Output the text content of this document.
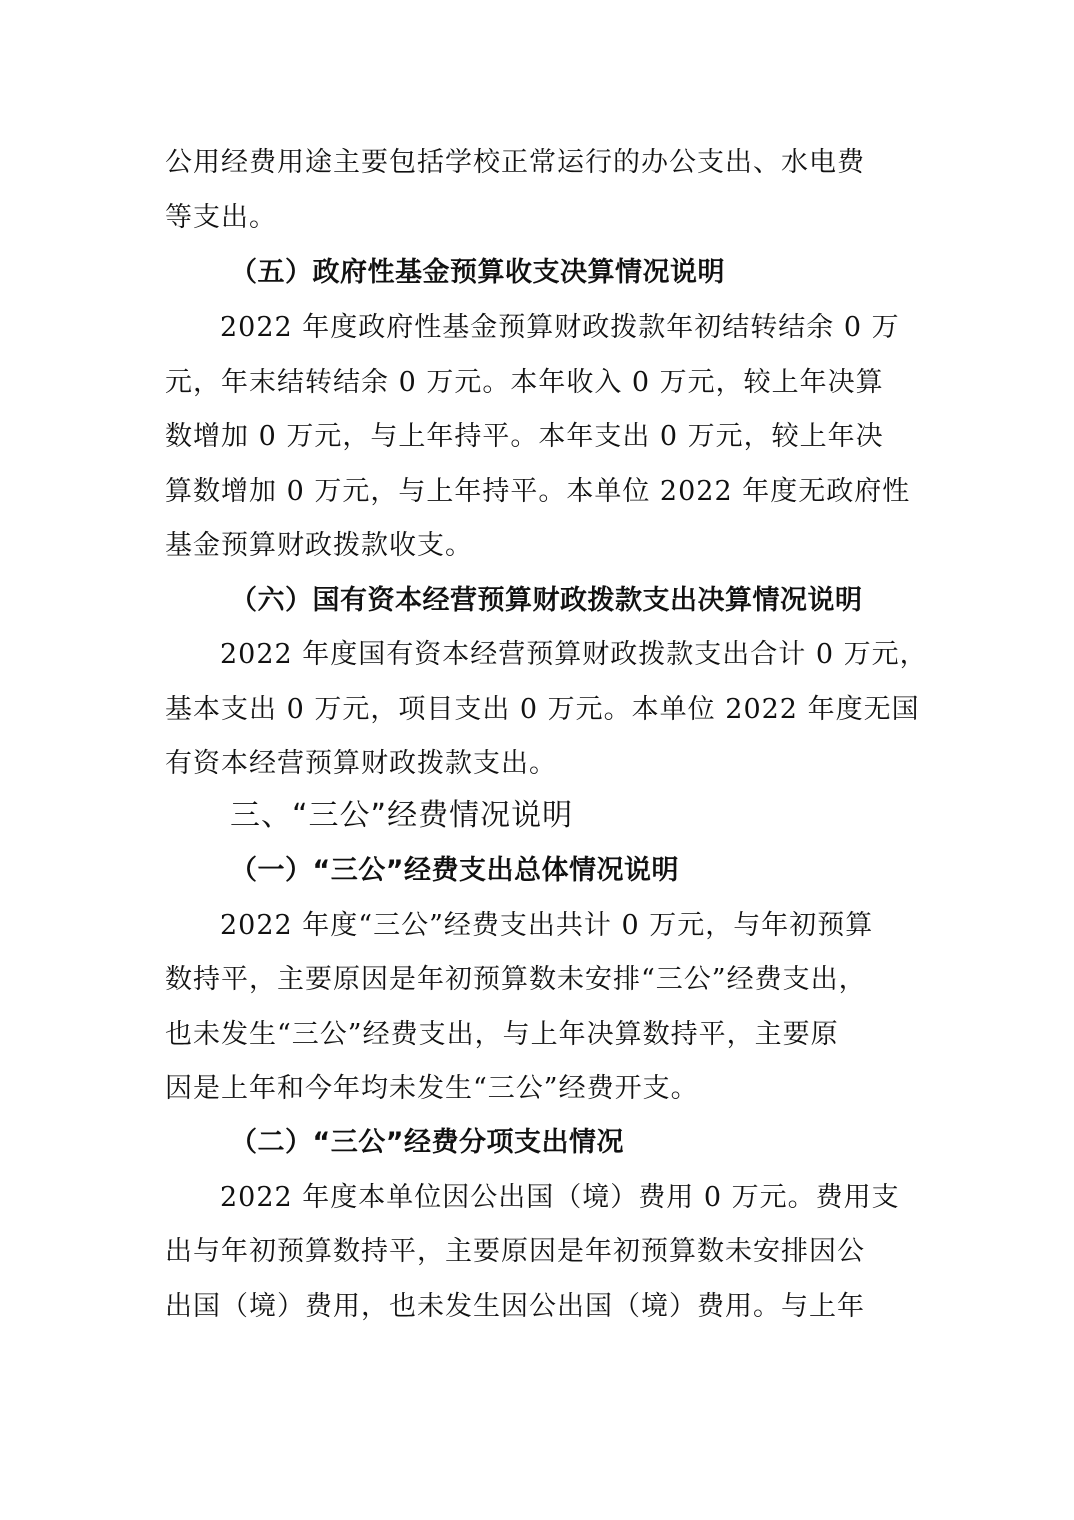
公用经费用途主要包括学校正常运行的办公支出、水电费
等支出。
（五）政府性基金预算收支决算情况说明
2022 年度政府性基金预算财政拨款年初结转结余 0 万
元，年末结转结余 0 万元。本年收入 0 万元，较上年决算
数增加 0 万元，与上年持平。本年支出 0 万元，较上年决
算数增加 0 万元，与上年持平。本单位 2022 年度无政府性
基金预算财政拨款收支。
（六）国有资本经营预算财政拨款支出决算情况说明
2022 年度国有资本经营预算财政拨款支出合计 0 万元，
基本支出 0 万元，项目支出 0 万元。本单位 2022 年度无国
有资本经营预算财政拨款支出。
三、“三公”经费情况说明
（一）“三公”经费支出总体情况说明
2022 年度“三公”经费支出共计 0 万元，与年初预算
数持平，主要原因是年初预算数未安排“三公”经费支出，
也未发生“三公”经费支出，与上年决算数持平，主要原
因是上年和今年均未发生“三公”经费开支。
（二）“三公”经费分项支出情况
2022 年度本单位因公出国（境）费用 0 万元。费用支
出与年初预算数持平，主要原因是年初预算数未安排因公
出国（境）费用，也未发生因公出国（境）费用。与上年
